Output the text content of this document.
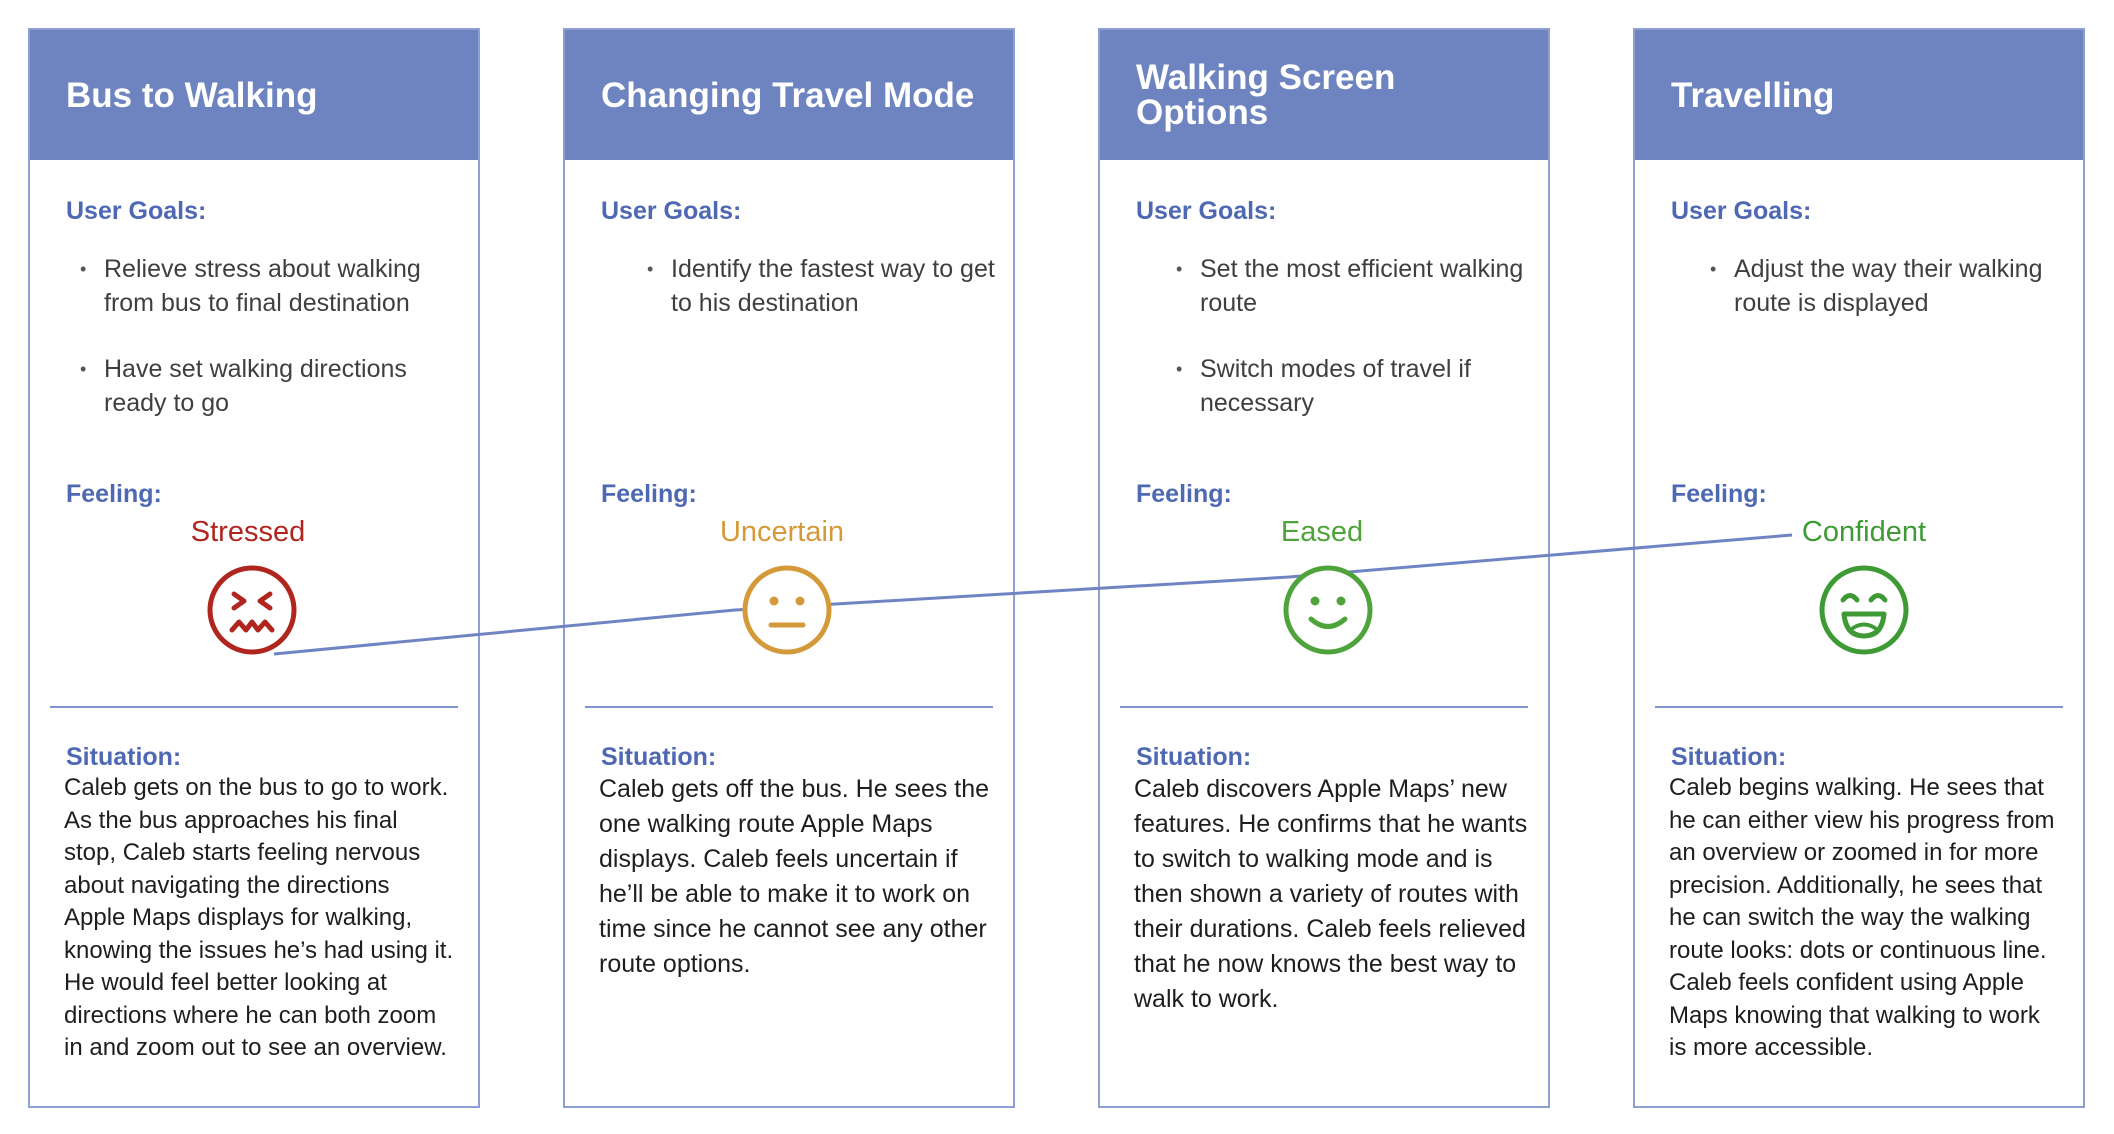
Bus to Walking
User Goals:
• Relieve stress about walking from bus to final destination
• Have set walking directions ready to go
Feeling:
Situation:

Caleb gets on the bus to go to work. As the bus approaches his final stop, Caleb starts feeling nervous about navigating the directions Apple Maps displays for walking, knowing the issues he’s had using it. He would feel better looking at directions where he can both zoom in and zoom out to see an overview.

Changing Travel Mode
User Goals:
• Identify the fastest way to get to his destination
Feeling:
Situation:

Caleb gets off the bus. He sees the one walking route Apple Maps displays. Caleb feels uncertain if he’ll be able to make it to work on time since he cannot see any other route options.

Walking Screen Options
User Goals:
• Set the most efficient walking route
• Switch modes of travel if necessary
Feeling:
Situation:

Caleb discovers Apple Maps’ new features. He confirms that he wants to switch to walking mode and is then shown a variety of routes with their durations. Caleb feels relieved that he now knows the best way to walk to work.

Travelling
User Goals:
• Adjust the way their walking route is displayed
Feeling:
Situation:

Caleb begins walking. He sees that he can either view his progress from an overview or zoomed in for more precision. Additionally, he sees that he can switch the way the walking route looks: dots or continuous line. Caleb feels confident using Apple Maps knowing that walking to work is more accessible.

Stressed	Uncertain	Eased	Confident
